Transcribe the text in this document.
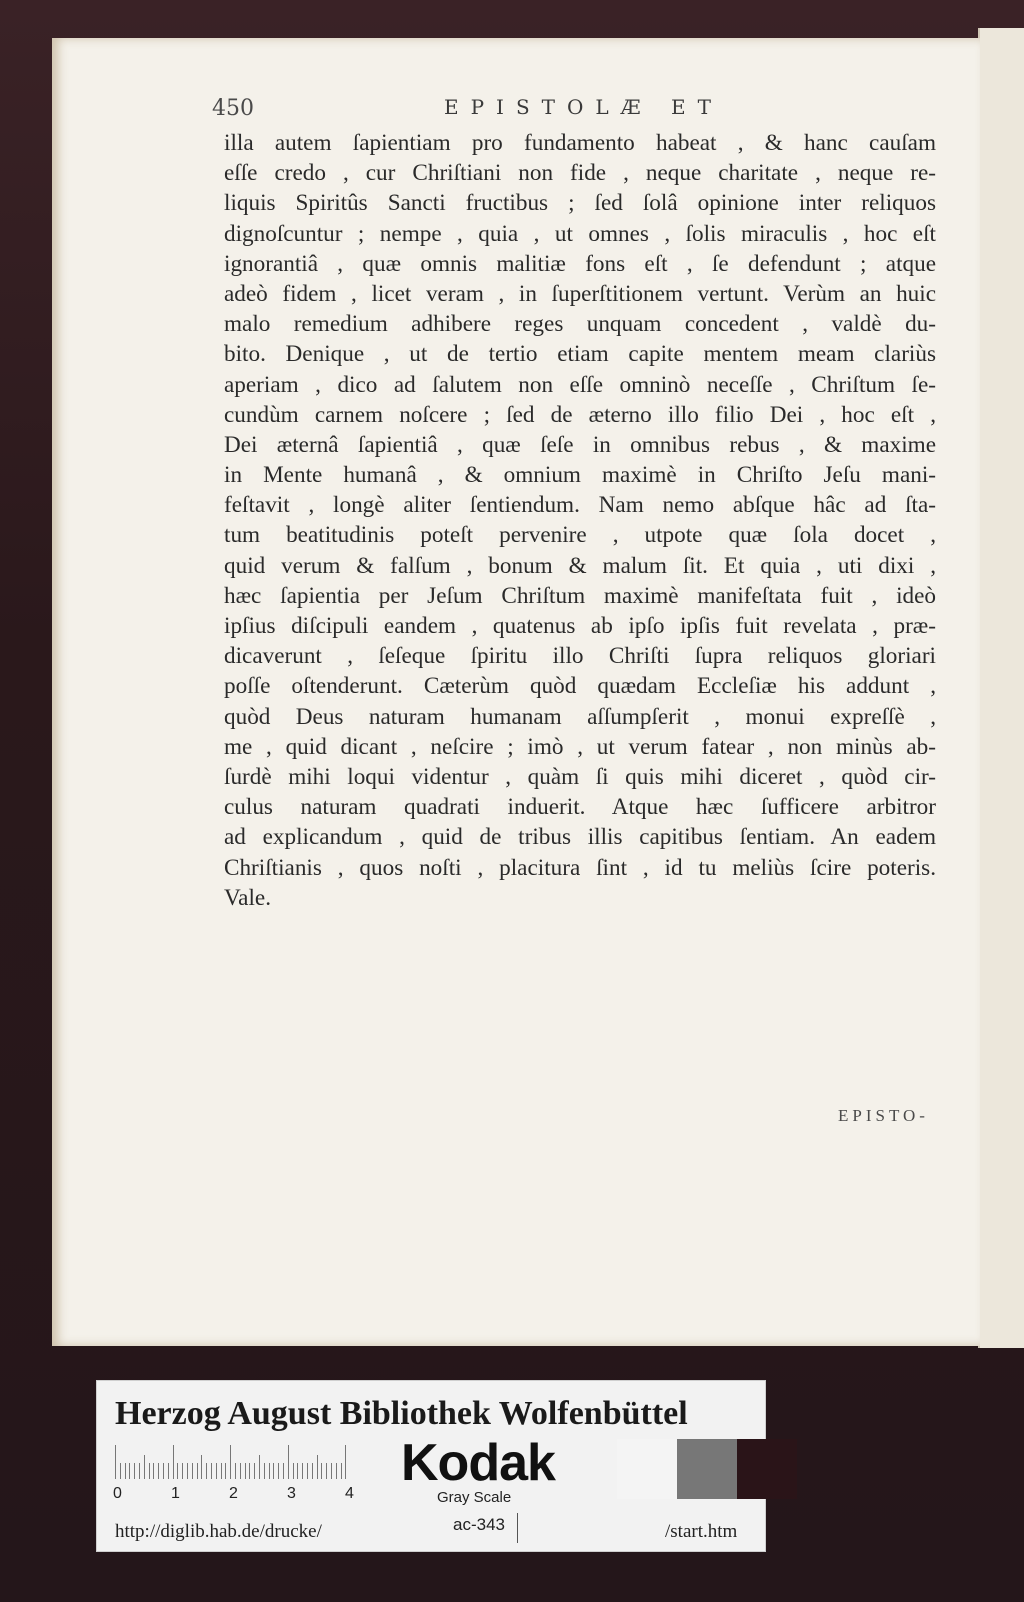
450	EPISTOLÆ ET
illa autem ſapientiam pro fundamento habeat , & hanc cauſam
eſſe credo , cur Chriſtiani non fide , neque charitate , neque re-
liquis Spiritûs Sancti fructibus ; ſed ſolâ opinione inter reliquos
dignoſcuntur ; nempe , quia , ut omnes , ſolis miraculis , hoc eſt
ignorantiâ , quæ omnis malitiæ fons eſt , ſe defendunt ; atque
adeò fidem , licet veram , in ſuperſtitionem vertunt. Verùm an huic
malo remedium adhibere reges unquam concedent , valdè du-
bito. Denique , ut de tertio etiam capite mentem meam clariùs
aperiam , dico ad ſalutem non eſſe omninò neceſſe , Chriſtum ſe-
cundùm carnem noſcere ; ſed de æterno illo filio Dei , hoc eſt ,
Dei æternâ ſapientiâ , quæ ſeſe in omnibus rebus , & maxime
in Mente humanâ , & omnium maximè in Chriſto Jeſu mani-
feſtavit , longè aliter ſentiendum. Nam nemo abſque hâc ad ſta-
tum beatitudinis poteſt pervenire , utpote quæ ſola docet ,
quid verum & falſum , bonum & malum ſit. Et quia , uti dixi ,
hæc ſapientia per Jeſum Chriſtum maximè manifeſtata fuit , ideò
ipſius diſcipuli eandem , quatenus ab ipſo ipſis fuit revelata , præ-
dicaverunt , ſeſeque ſpiritu illo Chriſti ſupra reliquos gloriari
poſſe oſtenderunt. Cæterùm quòd quædam Eccleſiæ his addunt ,
quòd Deus naturam humanam aſſumpſerit , monui expreſſè ,
me , quid dicant , neſcire ; imò , ut verum fatear , non minùs ab-
ſurdè mihi loqui videntur , quàm ſi quis mihi diceret , quòd cir-
culus naturam quadrati induerit. Atque hæc ſufficere arbitror
ad explicandum , quid de tribus illis capitibus ſentiam. An eadem
Chriſtianis , quos noſti , placitura ſint , id tu meliùs ſcire poteris.
Vale.
EPISTO-
Herzog August Bibliothek Wolfenbüttel
0	1	2	3	4
Kodak
Gray Scale
http://diglib.hab.de/drucke/	ac-343	/start.htm
